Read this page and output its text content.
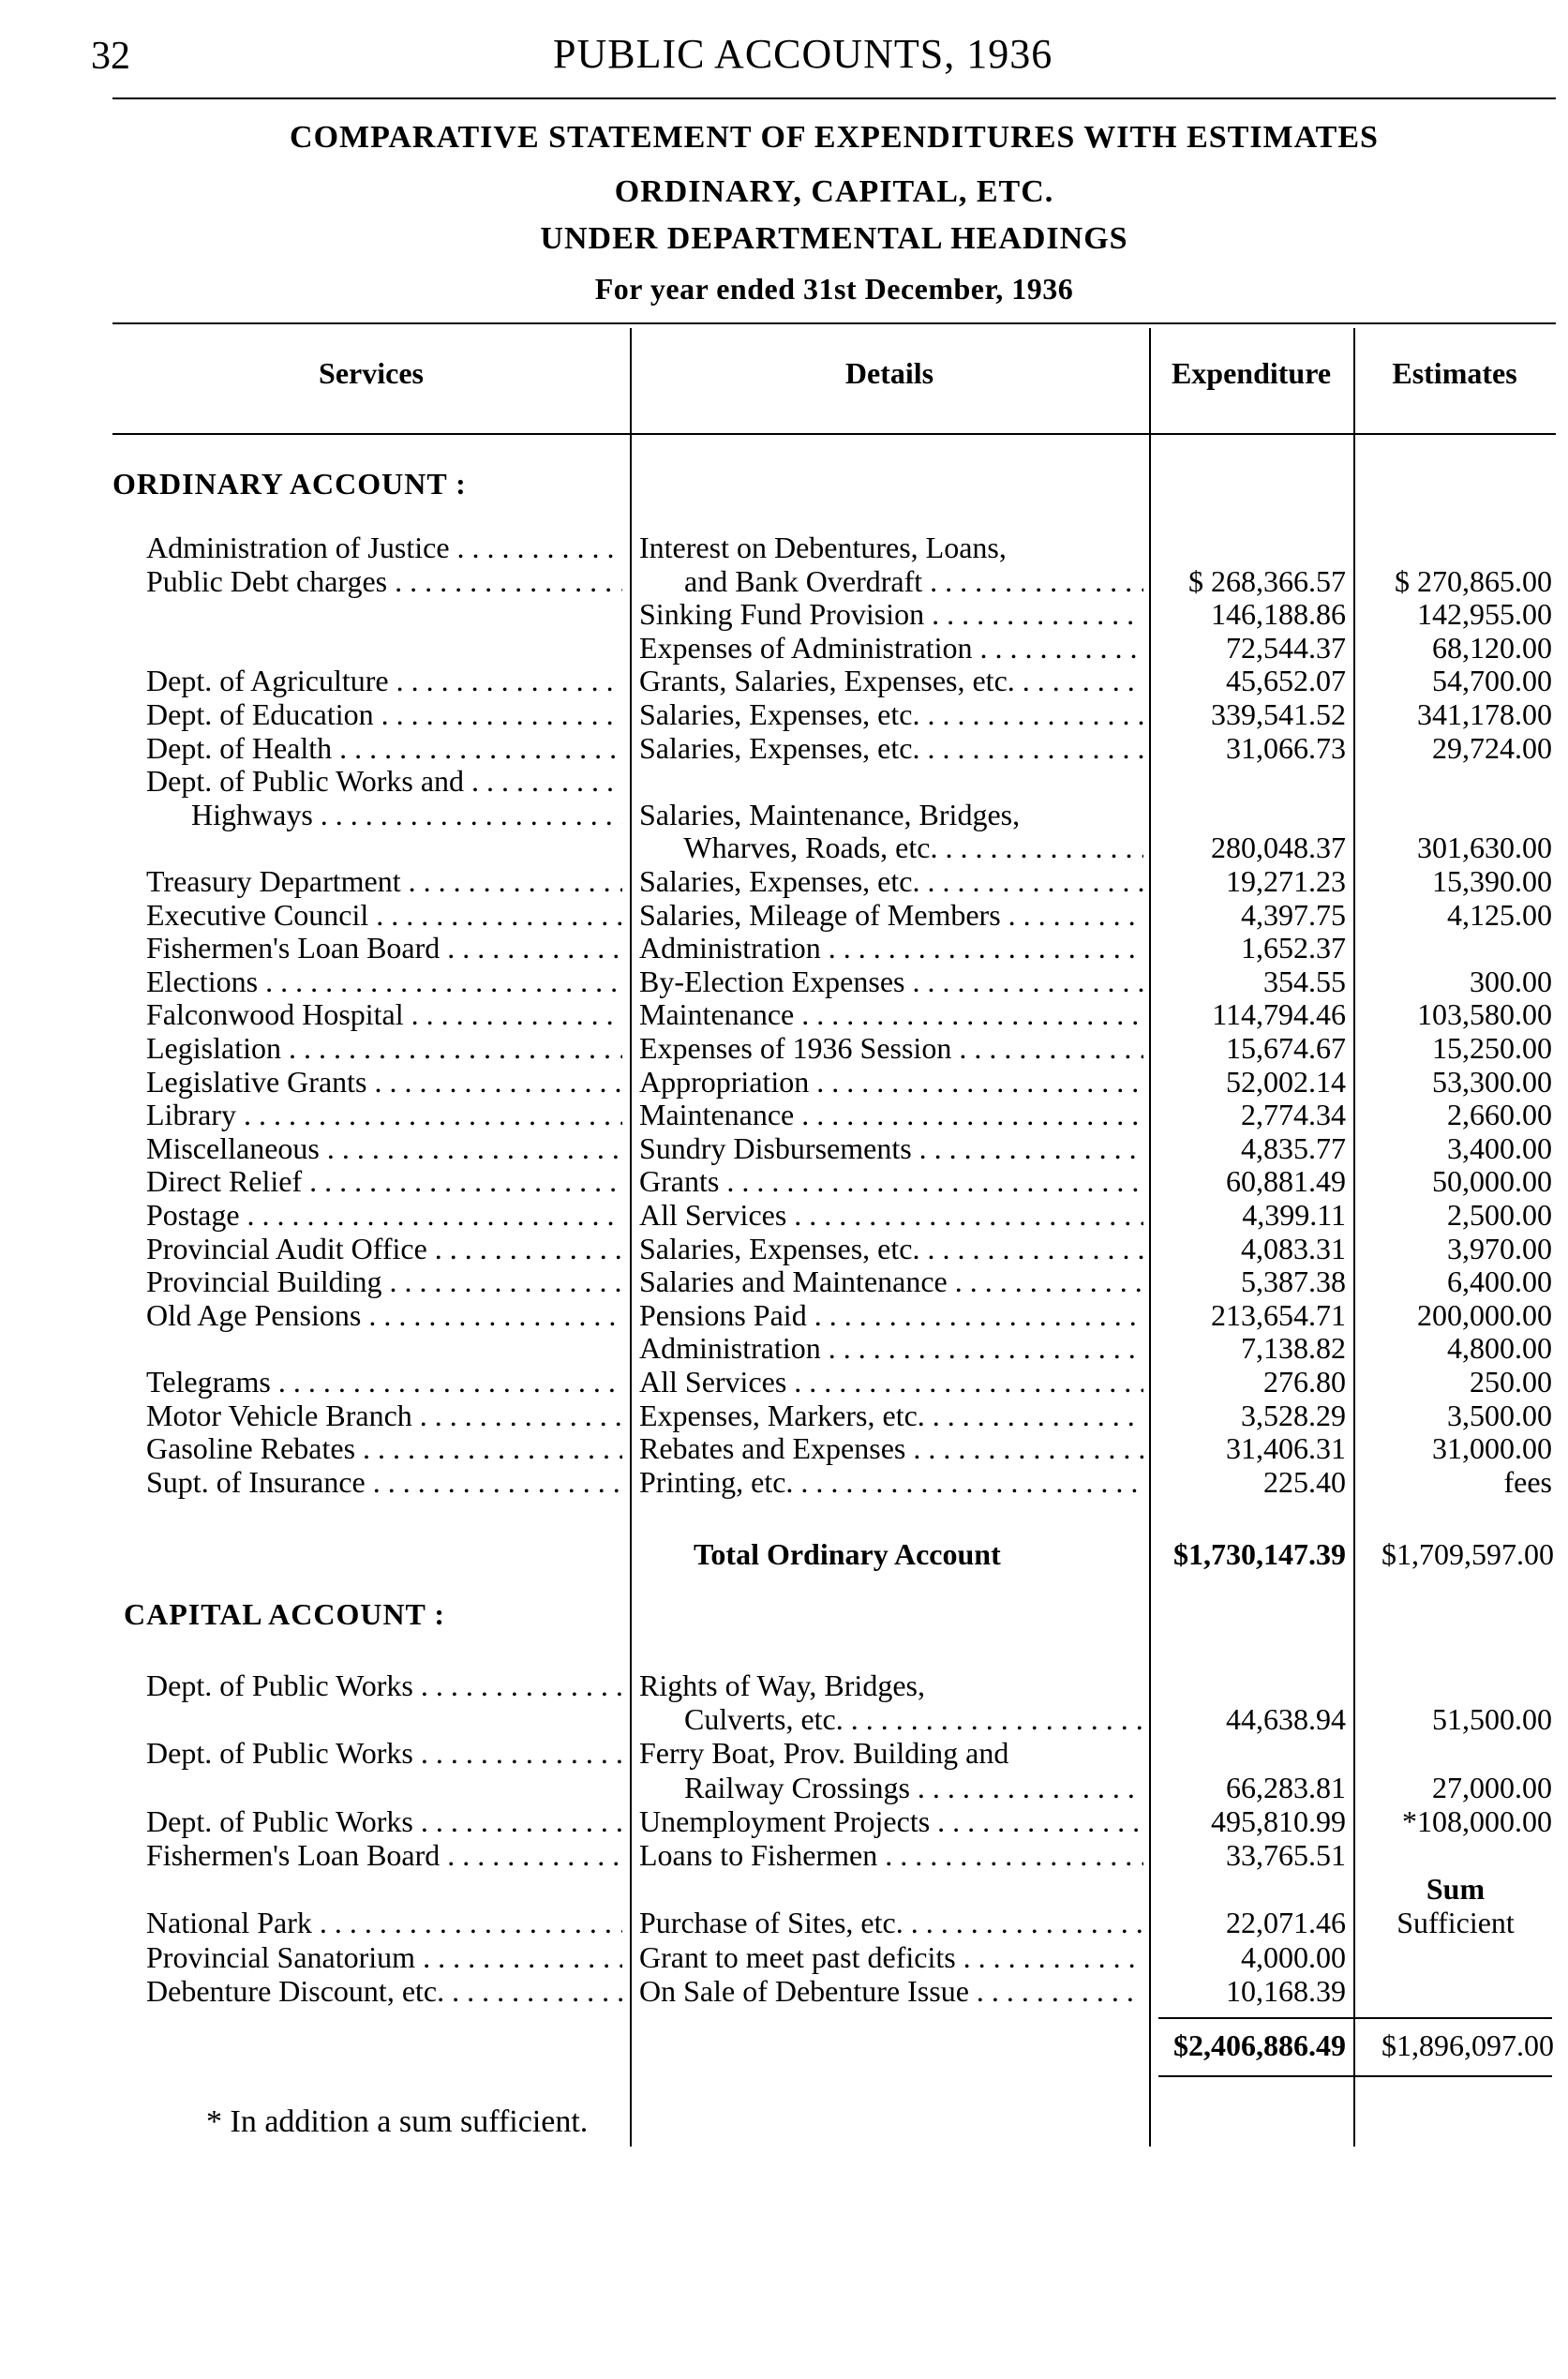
32	PUBLIC ACCOUNTS, 1936
COMPARATIVE STATEMENT OF EXPENDITURES WITH ESTIMATES
ORDINARY, CAPITAL, ETC.
UNDER DEPARTMENTAL HEADINGS
For year ended 31st December, 1936
Services	Details	Expenditure	Estimates
ORDINARY ACCOUNT :
Administration of Justice . . .	Interest on Debentures, Loans,
Public Debt charges . . .	and Bank Overdraft . . .	$ 268,366.57	$ 270,865.00
Sinking Fund Provision . . .	146,188.86	142,955.00
Expenses of Administration . . .	72,544.37	68,120.00
Dept. of Agriculture . . .	Grants, Salaries, Expenses, etc. . . .	45,652.07	54,700.00
Dept. of Education . . .	Salaries, Expenses, etc. . . .	339,541.52	341,178.00
Dept. of Health . . .	Salaries, Expenses, etc. . . .	31,066.73	29,724.00
Dept. of Public Works and . . .
Highways . . .	Salaries, Maintenance, Bridges,
Wharves, Roads, etc. . . .	280,048.37	301,630.00
Treasury Department . . .	Salaries, Expenses, etc. . . .	19,271.23	15,390.00
Executive Council . . .	Salaries, Mileage of Members . . .	4,397.75	4,125.00
Fishermen's Loan Board . . .	Administration . . .	1,652.37
Elections . . .	By-Election Expenses . . .	354.55	300.00
Falconwood Hospital . . .	Maintenance . . .	114,794.46	103,580.00
Legislation . . .	Expenses of 1936 Session . . .	15,674.67	15,250.00
Legislative Grants . . .	Appropriation . . .	52,002.14	53,300.00
Library . . .	Maintenance . . .	2,774.34	2,660.00
Miscellaneous . . .	Sundry Disbursements . . .	4,835.77	3,400.00
Direct Relief . . .	Grants . . .	60,881.49	50,000.00
Postage . . .	All Services . . .	4,399.11	2,500.00
Provincial Audit Office . . .	Salaries, Expenses, etc. . . .	4,083.31	3,970.00
Provincial Building . . .	Salaries and Maintenance . . .	5,387.38	6,400.00
Old Age Pensions . . .	Pensions Paid . . .	213,654.71	200,000.00
Administration . . .	7,138.82	4,800.00
Telegrams . . .	All Services . . .	276.80	250.00
Motor Vehicle Branch . . .	Expenses, Markers, etc. . . .	3,528.29	3,500.00
Gasoline Rebates . . .	Rebates and Expenses . . .	31,406.31	31,000.00
Supt. of Insurance . . .	Printing, etc. . . .	225.40	fees
Total Ordinary Account	$1,730,147.39	$1,709,597.00
CAPITAL ACCOUNT :
Dept. of Public Works . . .	Rights of Way, Bridges,
Culverts, etc. . . .	44,638.94	51,500.00
Dept. of Public Works . . .	Ferry Boat, Prov. Building and
Railway Crossings . . .	66,283.81	27,000.00
Dept. of Public Works . . .	Unemployment Projects . . .	495,810.99	*108,000.00
Fishermen's Loan Board . . .	Loans to Fishermen . . .	33,765.51
Sum
National Park . . .	Purchase of Sites, etc. . . .	22,071.46	Sufficient
Provincial Sanatorium . . .	Grant to meet past deficits . . .	4,000.00
Debenture Discount, etc. . . .	On Sale of Debenture Issue . . .	10,168.39
$2,406,886.49	$1,896,097.00
* In addition a sum sufficient.
